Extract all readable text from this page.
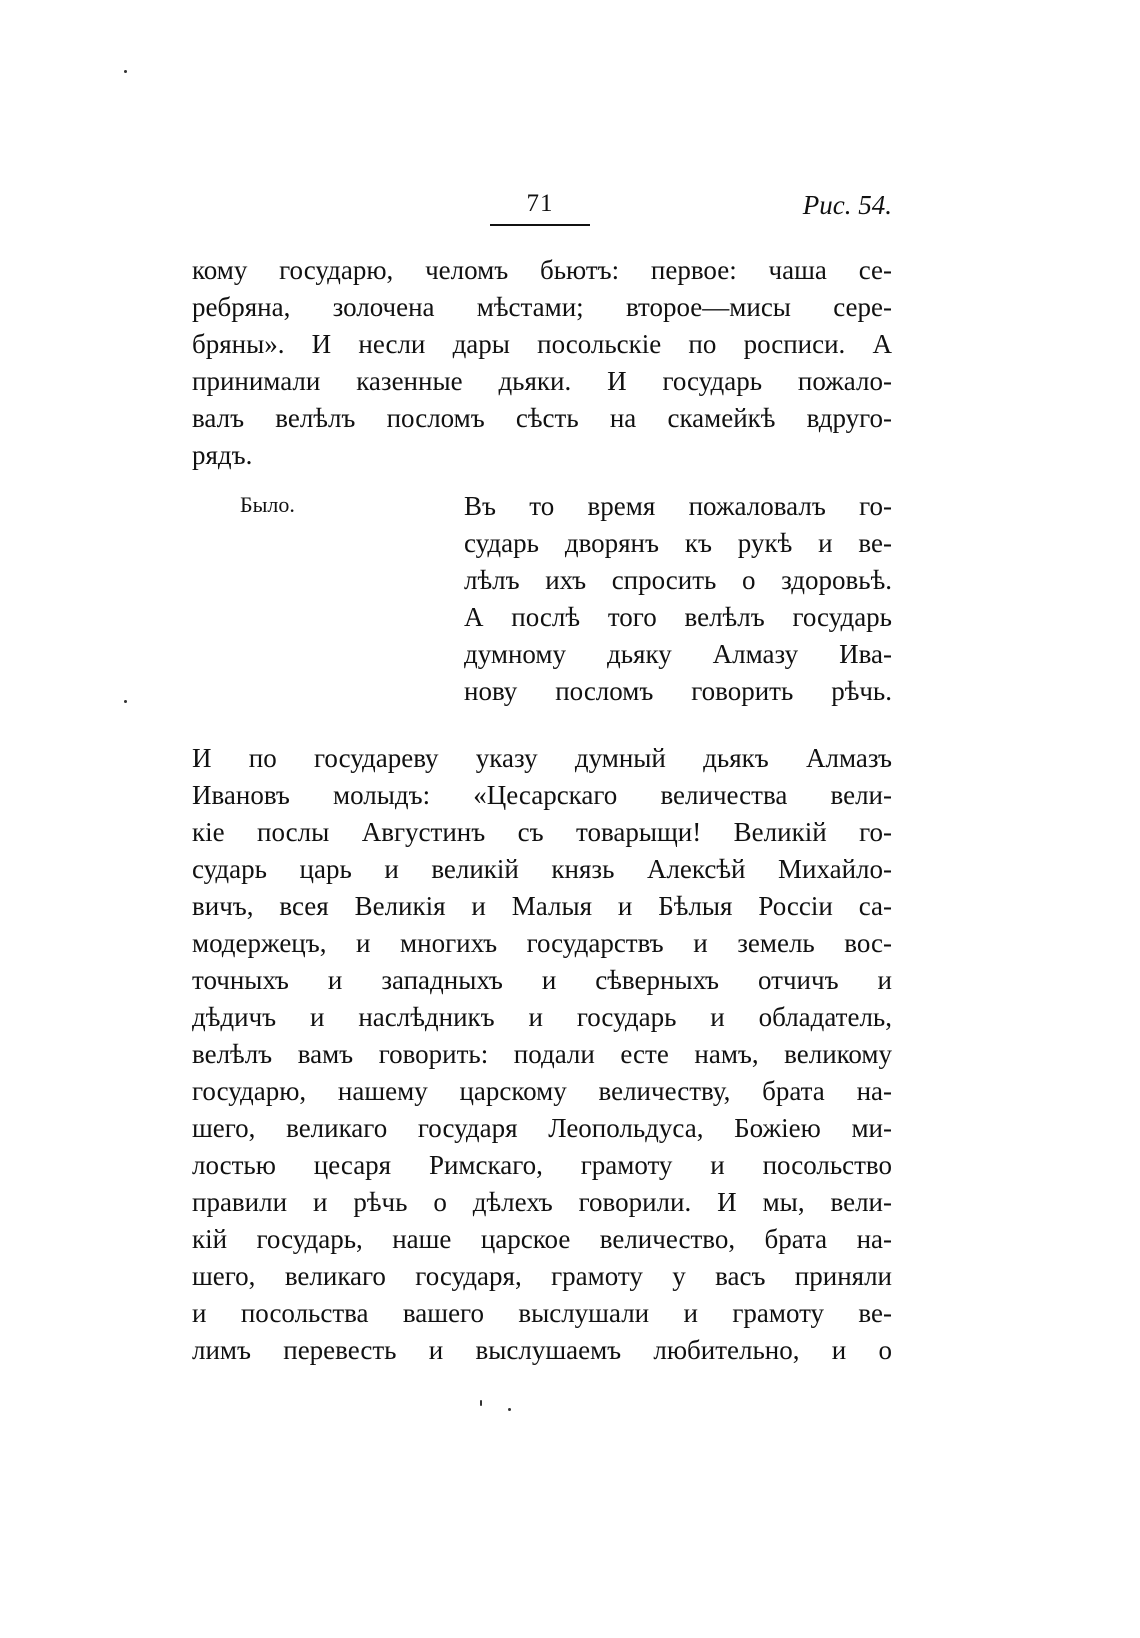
71	Рис. 54.
кому государю, челомъ бьютъ: первое: чаша се-
ребряна, золочена мѣстами; второе—мисы сере-
бряны». И несли дары посольскіе по росписи. А
принимали казенные дьяки. И государь пожало-
валъ велѣлъ посломъ сѣсть на скамейкѣ вдруго-
рядъ.
Было.	Въ то время пожаловалъ го-
сударь дворянъ къ рукѣ и ве-
лѣлъ ихъ спросить о здоровьѣ.
А послѣ того велѣлъ государь
думному дьяку Алмазу Ива-
нову посломъ говорить рѣчь.
И по государеву указу думный дьякъ Алмазъ
Ивановъ молыдъ: «Цесарскаго величества вели-
кіе послы Августинъ съ товарыщи! Великій го-
сударь царь и великій князь Алексѣй Михайло-
вичъ, всея Великія и Малыя и Бѣлыя Россіи са-
модержецъ, и многихъ государствъ и земель вос-
точныхъ и западныхъ и сѣверныхъ отчичъ и
дѣдичъ и наслѣдникъ и государь и обладатель,
велѣлъ вамъ говорить: подали есте намъ, великому
государю, нашему царскому величеству, брата на-
шего, великаго государя Леопольдуса, Божіею ми-
лостью цесаря Римскаго, грамоту и посольство
правили и рѣчь о дѣлехъ говорили. И мы, вели-
кій государь, наше царское величество, брата на-
шего, великаго государя, грамоту у васъ приняли
и посольства вашего выслушали и грамоту ве-
лимъ перевесть и выслушаемъ любительно, и о
